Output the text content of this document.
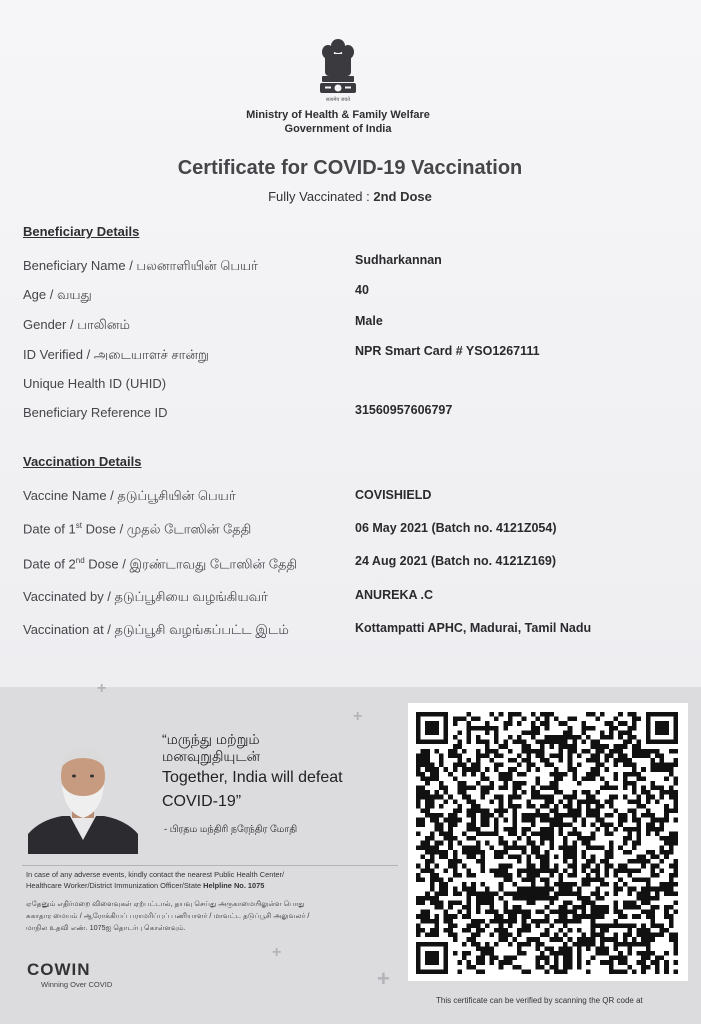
सत्यमेव जयते
Ministry of Health & Family Welfare
Government of India
Certificate for COVID-19 Vaccination
Fully Vaccinated : 2nd Dose
Beneficiary Details
Beneficiary Name / பலனாளியின் பெயர்	Sudharkannan
Age / வயது	40
Gender / பாலினம்	Male
ID Verified / அடையாளச் சான்று	NPR Smart Card # YSO1267111
Unique Health ID (UHID)
Beneficiary Reference ID	31560957606797
Vaccination Details
Vaccine Name / தடுப்பூசியின் பெயர்	COVISHIELD
Date of 1st Dose / முதல் டோஸின் தேதி	06 May 2021 (Batch no. 4121Z054)
Date of 2nd Dose / இரண்டாவது டோஸின் தேதி	24 Aug 2021 (Batch no. 4121Z169)
Vaccinated by / தடுப்பூசியை வழங்கியவர்	ANUREKA .C
Vaccination at / தடுப்பூசி வழங்கப்பட்ட இடம்	Kottampatti APHC, Madurai, Tamil Nadu
+
+
+
+
“மருந்து மற்றும்
மனவுறுதியுடன்
Together, India will defeat
COVID-19”
- பிரதம மந்திரி நரேந்திர மோதி
In case of any adverse events, kindly contact the nearest Public Health Center/
Healthcare Worker/District Immunization Officer/State Helpline No. 1075
ஏதேனும் எதிர்மறை விளைவுகள் ஏற்பட்டால், தயவு செய்து அருகாமையிலுள்ள பொது
சுகாதார மையம் / ஆரோக்கியப் பராமரிப்புப் பணியாளர் / மாவட்ட தடுப்பூசி அலுவலர் /
மாநில உதவி எண். 1075ஐ தொடர்பு கொள்ளவும்.
COWIN
Winning Over COVID
This certificate can be verified by scanning the QR code at
